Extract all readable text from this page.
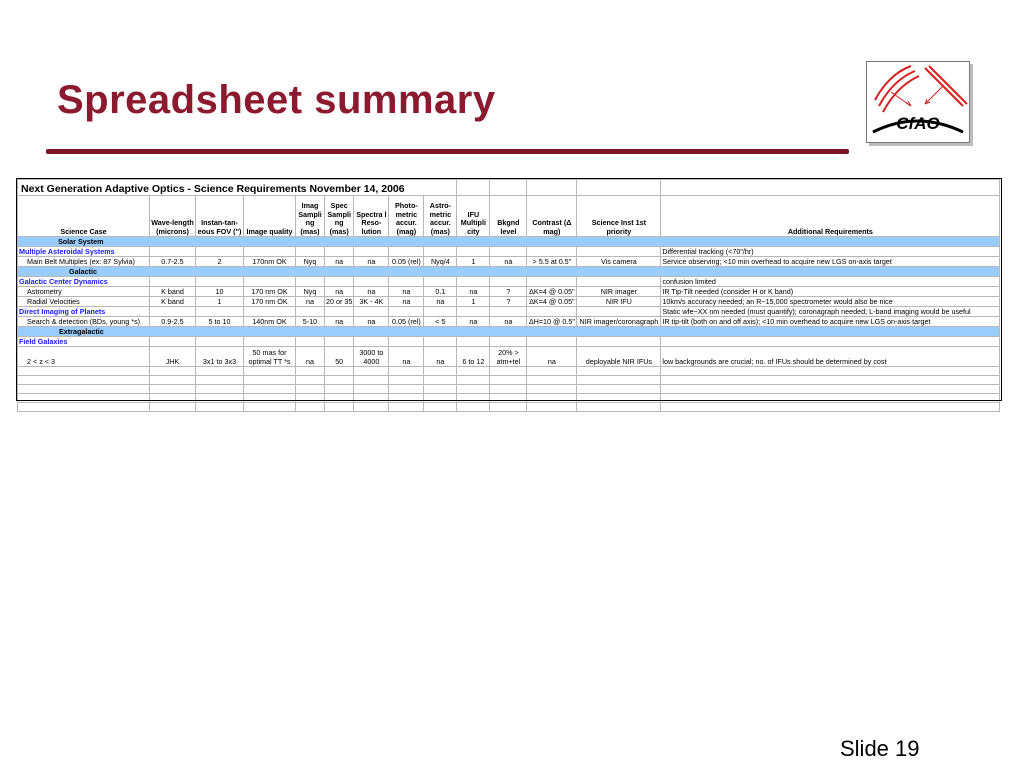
Spreadsheet summary
CfAO
Next Generation Adaptive Optics - Science Requirements November 14, 2006													
Science Case	Wave-length (microns)	Instan-tan-eous FOV (")	Image quality	Imag Sampli ng (mas)	Spec Sampli ng (mas)	Spectra l Reso-lution	Photo-metric accur. (mag)	Astro-metric accur. (mas)	IFU Multipli city	Bkgnd level	Contrast (Δ mag)	Science Inst 1st priority	Additional Requirements
Solar System													
Multiple Asteroidal Systems													Differential tracking (<70"/hr)
Main Belt Multiples (ex: 87 Sylvia)	0.7-2.5	2	170nm OK	Nyq	na	na	0.05 (rel)	Nyq/4	1	na	> 5.5 at 0.5"	Vis camera	Service observing; <10 min overhead to acquire new LGS on-axis target
Galactic													
Galactic Center Dynamics													confusion limited
Astrometry	K band	10	170 nm OK	Nyq	na	na	na	0.1	na	?	ΔK=4 @ 0.05"	NIR imager	IR Tip-Tilt needed (consider H or K band)
Radial Velocities	K band	1	170 nm OK	na	20 or 35	3K - 4K	na	na	1	?	ΔK=4 @ 0.05"	NIR IFU	10km/s accuracy needed; an R~15,000 spectrometer would also be nice
Direct Imaging of Planets													Static wfe~XX nm needed (must quantify); coronagraph needed; L-band imaging would be useful
Search & detection (BDs, young *s)	0.9-2.5	5 to 10	140nm OK	5-10	na	na	0.05 (rel)	< 5	na	na	ΔH=10 @ 0.5"	NIR imager/coronagraph	IR tip-tilt (both on and off axis); <10 min overhead to acquire new LGS on-axis target
Extragalactic													
Field Galaxies													
2 < z < 3	JHK	3x1 to 3x3	50 mas for optimal TT *s	na	50	3000 to 4000	na	na	6 to 12	20% > atm+tel	na	deployable NIR IFUs	low backgrounds are crucial; no. of IFUs should be determined by cost

Slide 19
